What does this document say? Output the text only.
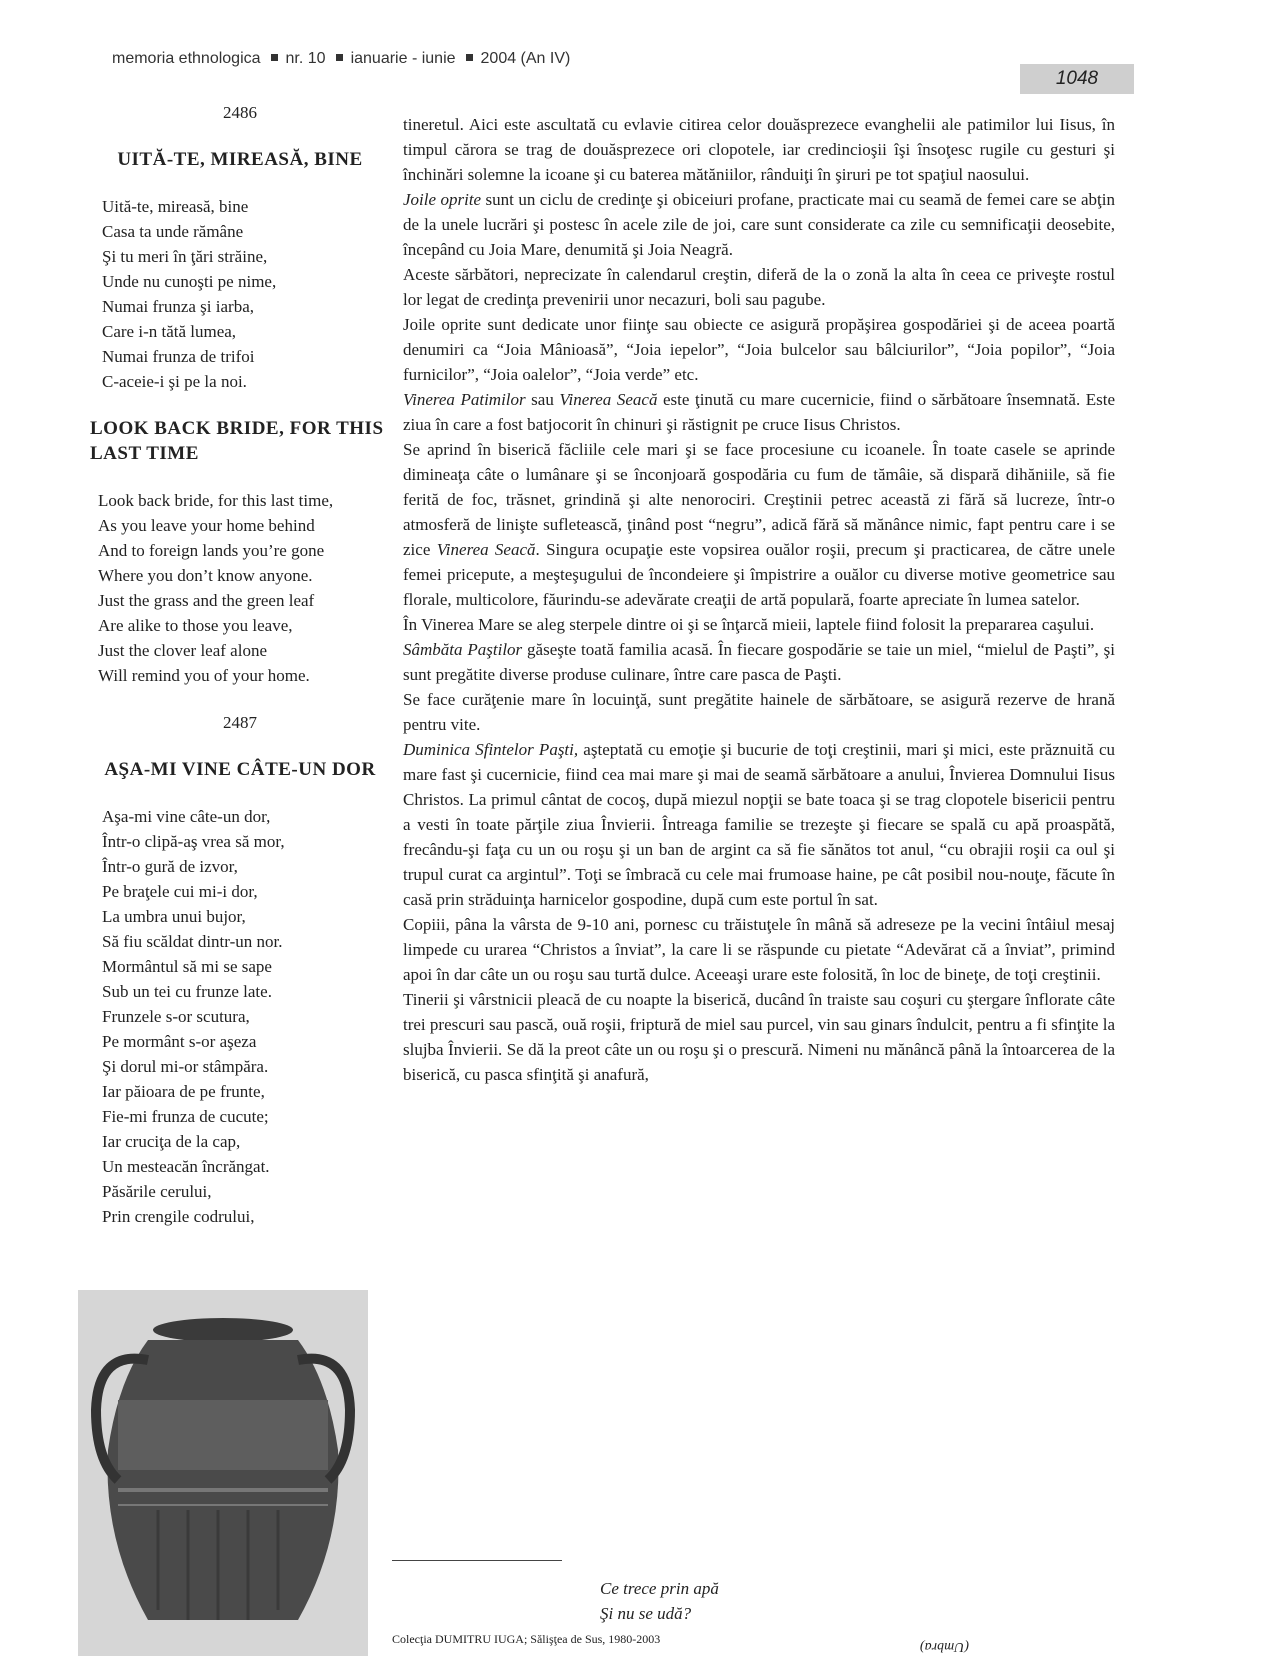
memoria ethnologica nr. 10 ianuarie - iunie 2004 (An IV)
1048
2486
UITĂ-TE, MIREASĂ, BINE
Uită-te, mireasă, bine
Casa ta unde rămâne
Şi tu meri în ţări străine,
Unde nu cunoşti pe nime,
Numai frunza şi iarba,
Care i-n tătă lumea,
Numai frunza de trifoi
C-aceie-i şi pe la noi.
LOOK BACK BRIDE, FOR THIS LAST TIME
Look back bride, for this last time,
As you leave your home behind
And to foreign lands you’re gone
Where you don’t know anyone.
Just the grass and the green leaf
Are alike to those you leave,
Just the clover leaf alone
Will remind you of your home.
2487
AŞA-MI VINE CÂTE-UN DOR
Aşa-mi vine câte-un dor,
Într-o clipă-aş vrea să mor,
Într-o gură de izvor,
Pe braţele cui mi-i dor,
La umbra unui bujor,
Să fiu scăldat dintr-un nor.
Mormântul să mi se sape
Sub un tei cu frunze late.
Frunzele s-or scutura,
Pe mormânt s-or aşeza
Şi dorul mi-or stâmpăra.
Iar păioara de pe frunte,
Fie-mi frunza de cucute;
Iar cruciţa de la cap,
Un mesteacăn încrăngat.
Păsările cerului,
Prin crengile codrului,

tineretul. Aici este ascultată cu evlavie citirea celor douăsprezece evanghelii ale patimilor lui Iisus, în timpul cărora se trag de douăsprezece ori clopotele, iar credincioşii îşi însoţesc rugile cu gesturi şi închinări solemne la icoane şi cu baterea mătăniilor, rânduiţi în şiruri pe tot spaţiul naosului.

Joile oprite sunt un ciclu de credinţe şi obiceiuri profane, practicate mai cu seamă de femei care se abţin de la unele lucrări şi postesc în acele zile de joi, care sunt considerate ca zile cu semnificaţii deosebite, începând cu Joia Mare, denumită şi Joia Neagră.

Aceste sărbători, neprecizate în calendarul creştin, diferă de la o zonă la alta în ceea ce priveşte rostul lor legat de credinţa prevenirii unor necazuri, boli sau pagube.

Joile oprite sunt dedicate unor fiinţe sau obiecte ce asigură propăşirea gospodăriei şi de aceea poartă denumiri ca “Joia Mânioasă”, “Joia iepelor”, “Joia bulcelor sau bâlciurilor”, “Joia popilor”, “Joia furnicilor”, “Joia oalelor”, “Joia verde” etc.

Vinerea Patimilor sau Vinerea Seacă este ţinută cu mare cucernicie, fiind o sărbătoare însemnată. Este ziua în care a fost batjocorit în chinuri şi răstignit pe cruce Iisus Christos.

Se aprind în biserică făcliile cele mari şi se face procesiune cu icoanele. În toate casele se aprinde dimineaţa câte o lumânare şi se înconjoară gospodăria cu fum de tămâie, să dispară dihăniile, să fie ferită de foc, trăsnet, grindină şi alte nenorociri. Creştinii petrec această zi fără să lucreze, într-o atmosferă de linişte sufletească, ţinând post “negru”, adică fără să mănânce nimic, fapt pentru care i se zice Vinerea Seacă. Singura ocupaţie este vopsirea ouălor roşii, precum şi practicarea, de către unele femei pricepute, a meşteşugului de încondeiere şi împistrire a ouălor cu diverse motive geometrice sau florale, multicolore, făurindu-se adevărate creaţii de artă populară, foarte apreciate în lumea satelor.

În Vinerea Mare se aleg sterpele dintre oi şi se înţarcă mieii, laptele fiind folosit la prepararea caşului.

Sâmbăta Paştilor găseşte toată familia acasă. În fiecare gospodărie se taie un miel, “mielul de Paşti”, şi sunt pregătite diverse produse culinare, între care pasca de Paşti.

Se face curăţenie mare în locuinţă, sunt pregătite hainele de sărbătoare, se asigură rezerve de hrană pentru vite.

Duminica Sfintelor Paşti, aşteptată cu emoţie şi bucurie de toţi creştinii, mari şi mici, este prăznuită cu mare fast şi cucernicie, fiind cea mai mare şi mai de seamă sărbătoare a anului, Învierea Domnului Iisus Christos. La primul cântat de cocoş, după miezul nopţii se bate toaca şi se trag clopotele bisericii pentru a vesti în toate părţile ziua Învierii. Întreaga familie se trezeşte şi fiecare se spală cu apă proaspătă, frecându-şi faţa cu un ou roşu şi un ban de argint ca să fie sănătos tot anul, “cu obrajii roşii ca oul şi trupul curat ca argintul”. Toţi se îmbracă cu cele mai frumoase haine, pe cât posibil nou-nouţe, făcute în casă prin străduinţa harnicelor gospodine, după cum este portul în sat.

Copiii, pâna la vârsta de 9-10 ani, pornesc cu trăistuţele în mână să adreseze pe la vecini întâiul mesaj limpede cu urarea “Christos a înviat”, la care li se răspunde cu pietate “Adevărat că a înviat”, primind apoi în dar câte un ou roşu sau turtă dulce. Aceeaşi urare este folosită, în loc de bineţe, de toţi creştinii.

Tinerii şi vârstnicii pleacă de cu noapte la biserică, ducând în traiste sau coşuri cu ştergare înflorate câte trei prescuri sau pască, ouă roşii, friptură de miel sau purcel, vin sau ginars îndulcit, pentru a fi sfinţite la slujba Învierii. Se dă la preot câte un ou roşu şi o prescură. Nimeni nu mănâncă până la întoarcerea de la biserică, cu pasca sfinţită şi anafură,

Ce trece prin apă
Şi nu se udă?
Colecţia DUMITRU IUGA; Sălişţea de Sus, 1980-2003	(Umbra)
